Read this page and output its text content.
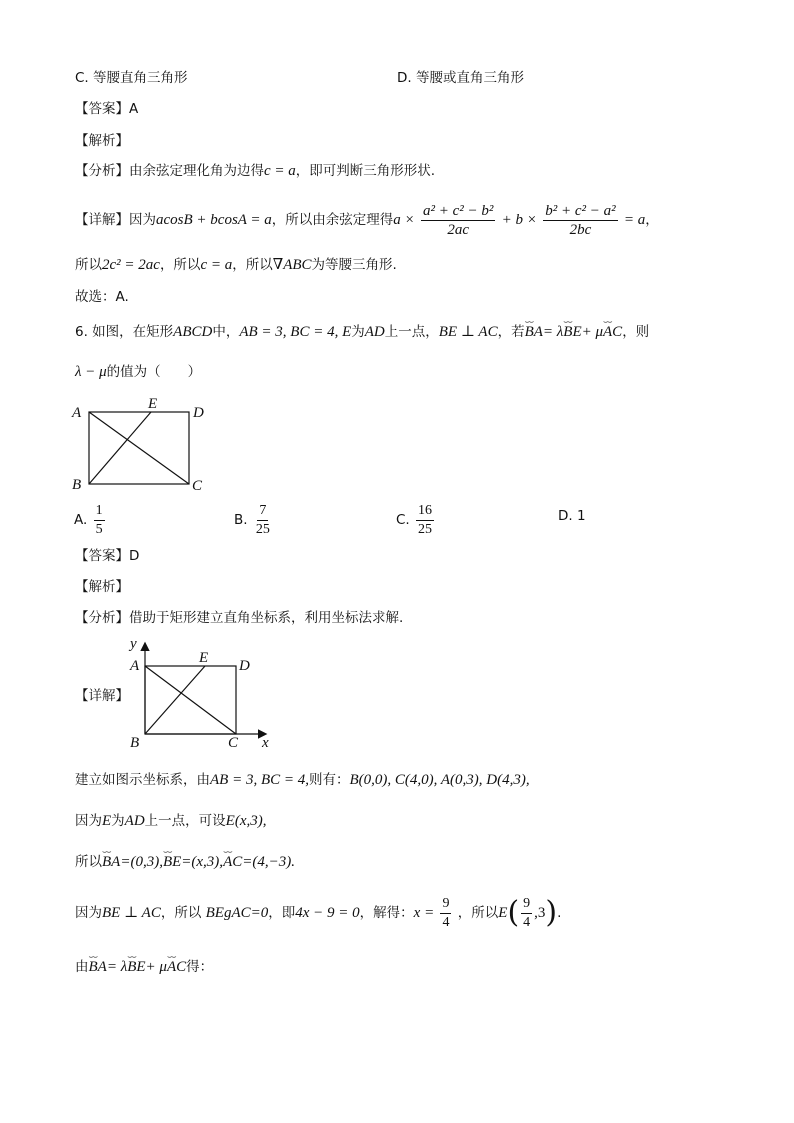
C. 等腰直角三角形	D. 等腰或直角三角形
【答案】A
【解析】
【分析】由余弦定理化角为边得c = a，即可判断三角形形状.
【详解】因为acosB + bcosA = a，所以由余弦定理得$a \times \frac{\text{a² + c² − b²}}{2ac} + b \times \frac{\text{b² + c² − a²}}{2bc} = a$，
所以2c² = 2ac，所以c = a，所以∇ABC为等腰三角形.
故选：A.
6. 如图，在矩形ABCD中，AB = 3, BC = 4, E为AD上一点，BE ⊥ AC，若⌣⌣ BA= λ⌣⌣ BE+ μ⌣⌣ AC，则
λ − μ的值为（　　）
A
E
D
B	C
A. $\frac{1}{5}$	B. $\frac{7}{25}$	C. $\frac{16}{25}$	D. 1
【答案】D
【解析】
【分析】借助于矩形建立直角坐标系，利用坐标法求解.
【详解】
y
A	E D
B	C x
建立如图示坐标系，由AB = 3, BC = 4,则有：B(0,0), C(4,0), A(0,3), D(4,3),
因为E为AD上一点，可设E(x,3),
所以⌣⌣ BA=(0,3),⌣⌣ BE=(x,3),⌣⌣ AC=(4,−3).
因为BE ⊥ AC，所以 BEgAC=0，即4x − 9 = 0，解得：$x = \frac{9}{4}$ ，所以$E( \frac{9}{4} ,3)$.
由⌣⌣ BA= λ⌣⌣ BE+ μ⌣⌣ AC得：
